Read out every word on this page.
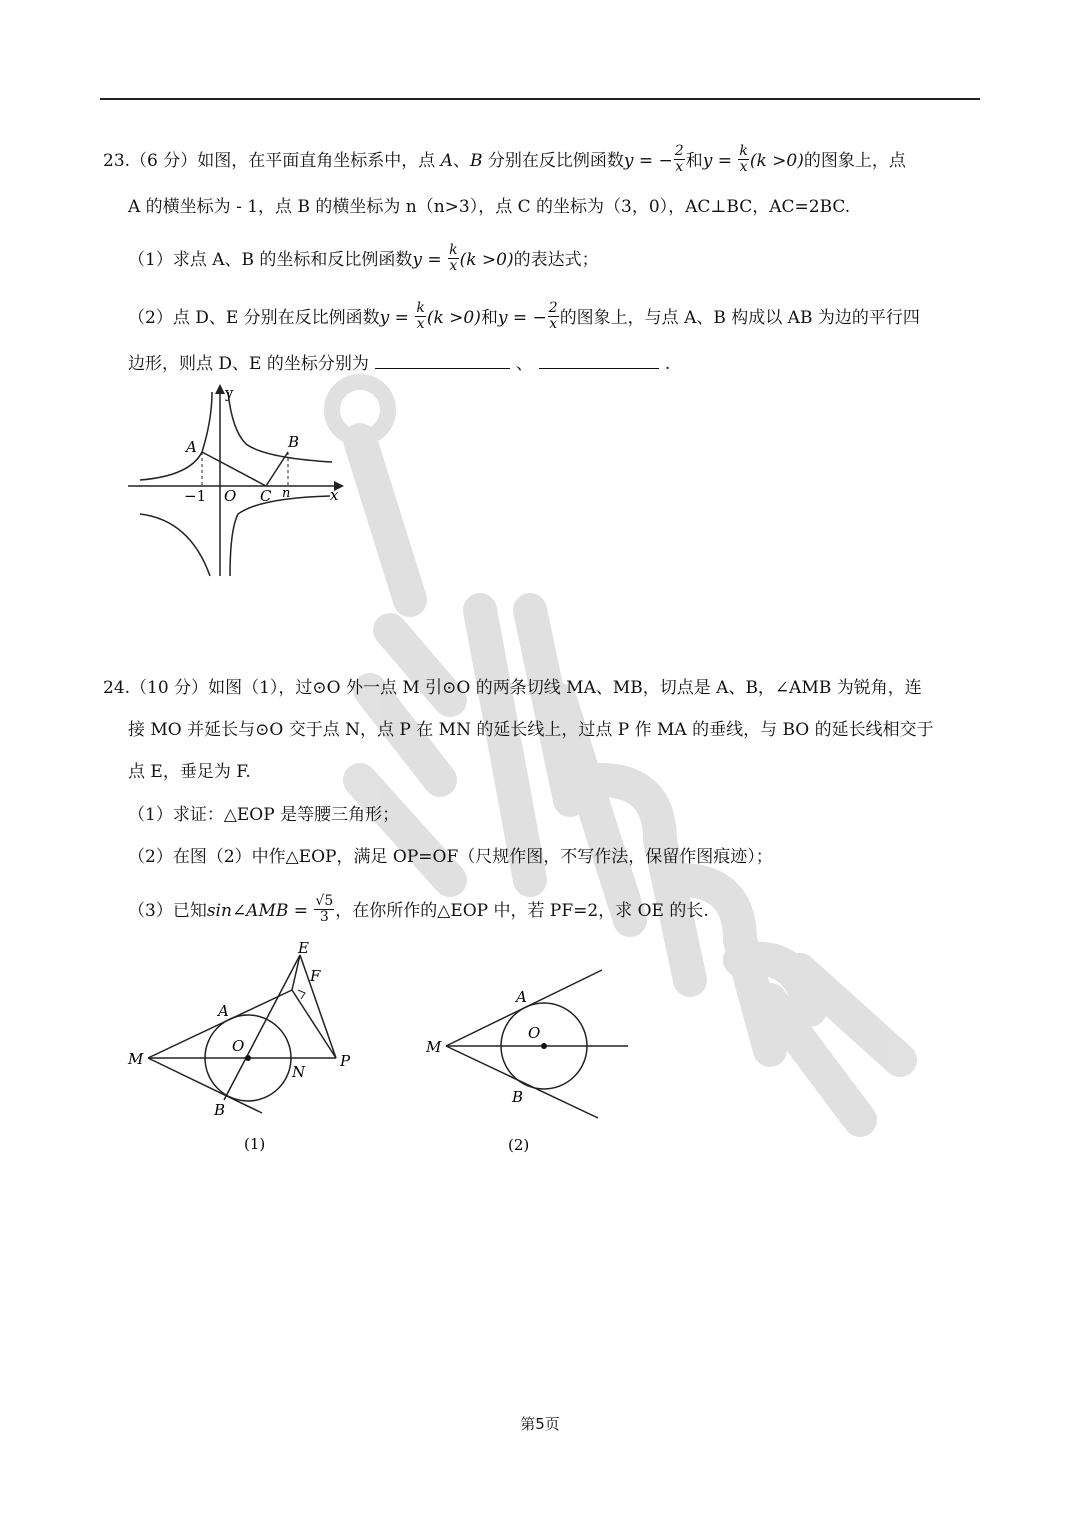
23.（6 分）如图，在平面直角坐标系中，点 A、B 分别在反比例函数y = − $\frac{2}{x}$ 和$y = \frac{k}{x} (k >0)$的图象上，点
A 的横坐标为 - 1，点 B 的横坐标为 n（n>3），点 C 的坐标为（3，0），AC⊥BC，AC=2BC.
（1）求点 A、B 的坐标和反比例函数$y = \frac{k}{x} (k >0)$的表达式；
（2）点 D、E 分别在反比例函数$y = \frac{k}{x} (k >0)$和y = − $\frac{2}{x}$ 的图象上，与点 A、B 构成以 AB 为边的平行四
边形，则点 D、E 的坐标分别为	、	.
y
x
A	B
O C n
−1
24.（10 分）如图（1），过⊙O 外一点 M 引⊙O 的两条切线 MA、MB，切点是 A、B，∠AMB 为锐角，连
接 MO 并延长与⊙O 交于点 N，点 P 在 MN 的延长线上，过点 P 作 MA 的垂线，与 BO 的延长线相交于
点 E，垂足为 F.
（1）求证：△EOP 是等腰三角形；
（2）在图（2）中作△EOP，满足 OP=OF（尺规作图，不写作法，保留作图痕迹）；
（3）已知sin∠AMB = $\frac{√5}{3}$ ，在你所作的△EOP 中，若 PF=2，求 OE 的长.
E
F
A
O
M	P
N
B
(1)
A
O
M
B
(2)
第5页
